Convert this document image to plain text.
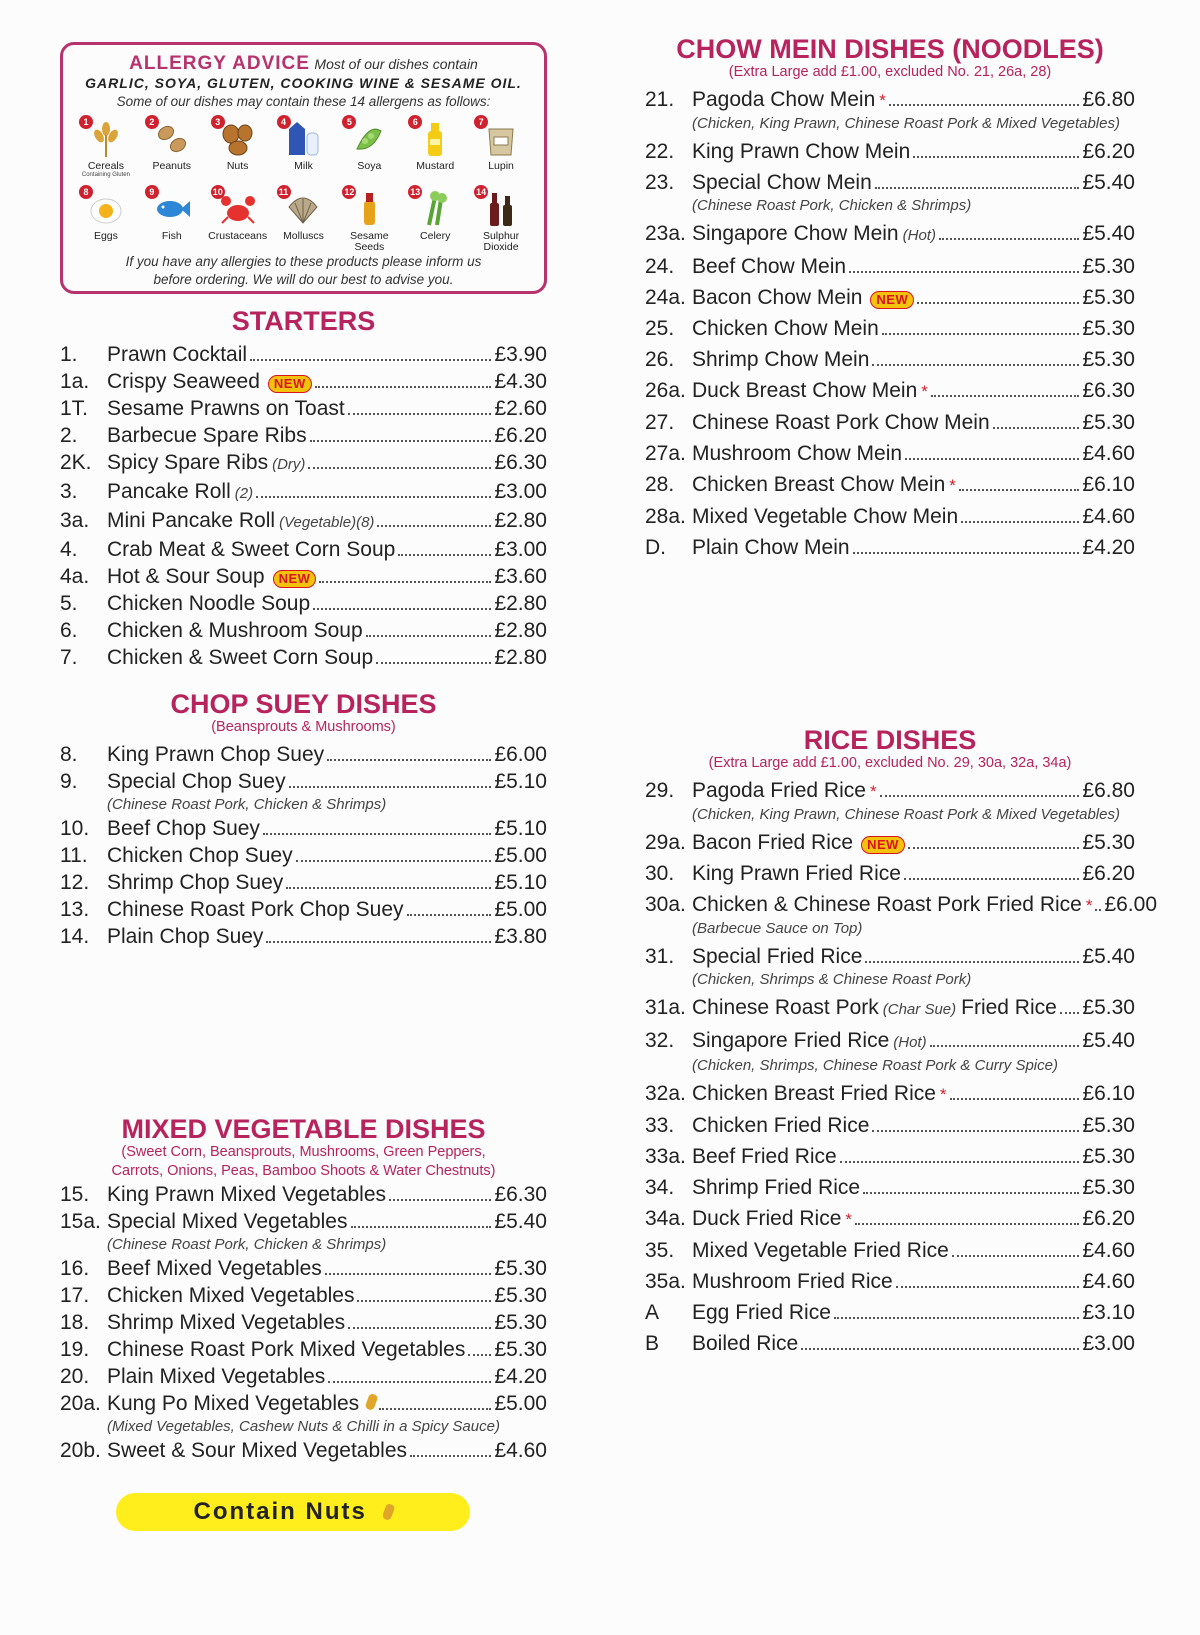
ALLERGY ADVICE Most of our dishes contain
GARLIC, SOYA, GLUTEN, COOKING WINE & SESAME OIL.
Some of our dishes may contain these 14 allergens as follows:
1
Cereals
Containing Gluten
2
Peanuts
3
Nuts
4
Milk
5
Soya
6
Mustard
7
Lupin
8
Eggs
9
Fish
10
Crustaceans
11
Molluscs
12
Sesame Seeds
13
Celery
14
Sulphur Dioxide
If you have any allergies to these products please inform us
before ordering. We will do our best to advise you.
STARTERS
1.	Prawn Cocktail	£3.90
1a. Crispy Seaweed	NEW	£4.30
1T. Sesame Prawns on Toast	£2.60
2.	Barbecue Spare Ribs	£6.20
2K. Spicy Spare Ribs (Dry)	£6.30
3.	Pancake Roll (2)	£3.00
3a. Mini Pancake Roll (Vegetable)(8)	£2.80
4.	Crab Meat & Sweet Corn Soup	£3.00
4a. Hot & Sour Soup	NEW	£3.60
5.	Chicken Noodle Soup	£2.80
6.	Chicken & Mushroom Soup	£2.80
7.	Chicken & Sweet Corn Soup	£2.80
CHOP SUEY DISHES
(Beansprouts & Mushrooms)
8.	King Prawn Chop Suey	£6.00
9.	Special Chop Suey	£5.10
(Chinese Roast Pork, Chicken & Shrimps)
10. Beef Chop Suey	£5.10
11. Chicken Chop Suey	£5.00
12. Shrimp Chop Suey	£5.10
13. Chinese Roast Pork Chop Suey	£5.00
14. Plain Chop Suey	£3.80
MIXED VEGETABLE DISHES
(Sweet Corn, Beansprouts, Mushrooms, Green Peppers,
Carrots, Onions, Peas, Bamboo Shoots & Water Chestnuts)
15. King Prawn Mixed Vegetables	£6.30
15a. Special Mixed Vegetables	£5.40
(Chinese Roast Pork, Chicken & Shrimps)
16. Beef Mixed Vegetables	£5.30
17. Chicken Mixed Vegetables	£5.30
18. Shrimp Mixed Vegetables	£5.30
19. Chinese Roast Pork Mixed Vegetables £5.30
20. Plain Mixed Vegetables	£4.20
20a. Kung Po Mixed Vegetables	£5.00
(Mixed Vegetables, Cashew Nuts & Chilli in a Spicy Sauce)
20b. Sweet & Sour Mixed Vegetables	£4.60
Contain Nuts
CHOW MEIN DISHES (NOODLES)
(Extra Large add £1.00, excluded No. 21, 26a, 28)
21. Pagoda Chow Mein *	£6.80
(Chicken, King Prawn, Chinese Roast Pork & Mixed Vegetables)
22. King Prawn Chow Mein	£6.20
23. Special Chow Mein	£5.40
(Chinese Roast Pork, Chicken & Shrimps)
23a. Singapore Chow Mein (Hot)	£5.40
24. Beef Chow Mein	£5.30
24a. Bacon Chow Mein	NEW	£5.30
25. Chicken Chow Mein	£5.30
26. Shrimp Chow Mein	£5.30
26a. Duck Breast Chow Mein *	£6.30
27. Chinese Roast Pork Chow Mein	£5.30
27a. Mushroom Chow Mein	£4.60
28. Chicken Breast Chow Mein *	£6.10
28a. Mixed Vegetable Chow Mein	£4.60
D.	Plain Chow Mein	£4.20
RICE DISHES
(Extra Large add £1.00, excluded No. 29, 30a, 32a, 34a)
29. Pagoda Fried Rice *	£6.80
(Chicken, King Prawn, Chinese Roast Pork & Mixed Vegetables)
29a. Bacon Fried Rice	NEW	£5.30
30. King Prawn Fried Rice	£6.20
30a. Chicken & Chinese Roast Pork Fried Rice * £6.00
(Barbecue Sauce on Top)
31. Special Fried Rice	£5.40
(Chicken, Shrimps & Chinese Roast Pork)
31a. Chinese Roast Pork (Char Sue) Fried Rice £5.30
32. Singapore Fried Rice (Hot)	£5.40
(Chicken, Shrimps, Chinese Roast Pork & Curry Spice)
32a. Chicken Breast Fried Rice *	£6.10
33. Chicken Fried Rice	£5.30
33a. Beef Fried Rice	£5.30
34. Shrimp Fried Rice	£5.30
34a. Duck Fried Rice *	£6.20
35. Mixed Vegetable Fried Rice	£4.60
35a. Mushroom Fried Rice	£4.60
A	Egg Fried Rice	£3.10
B	Boiled Rice	£3.00
